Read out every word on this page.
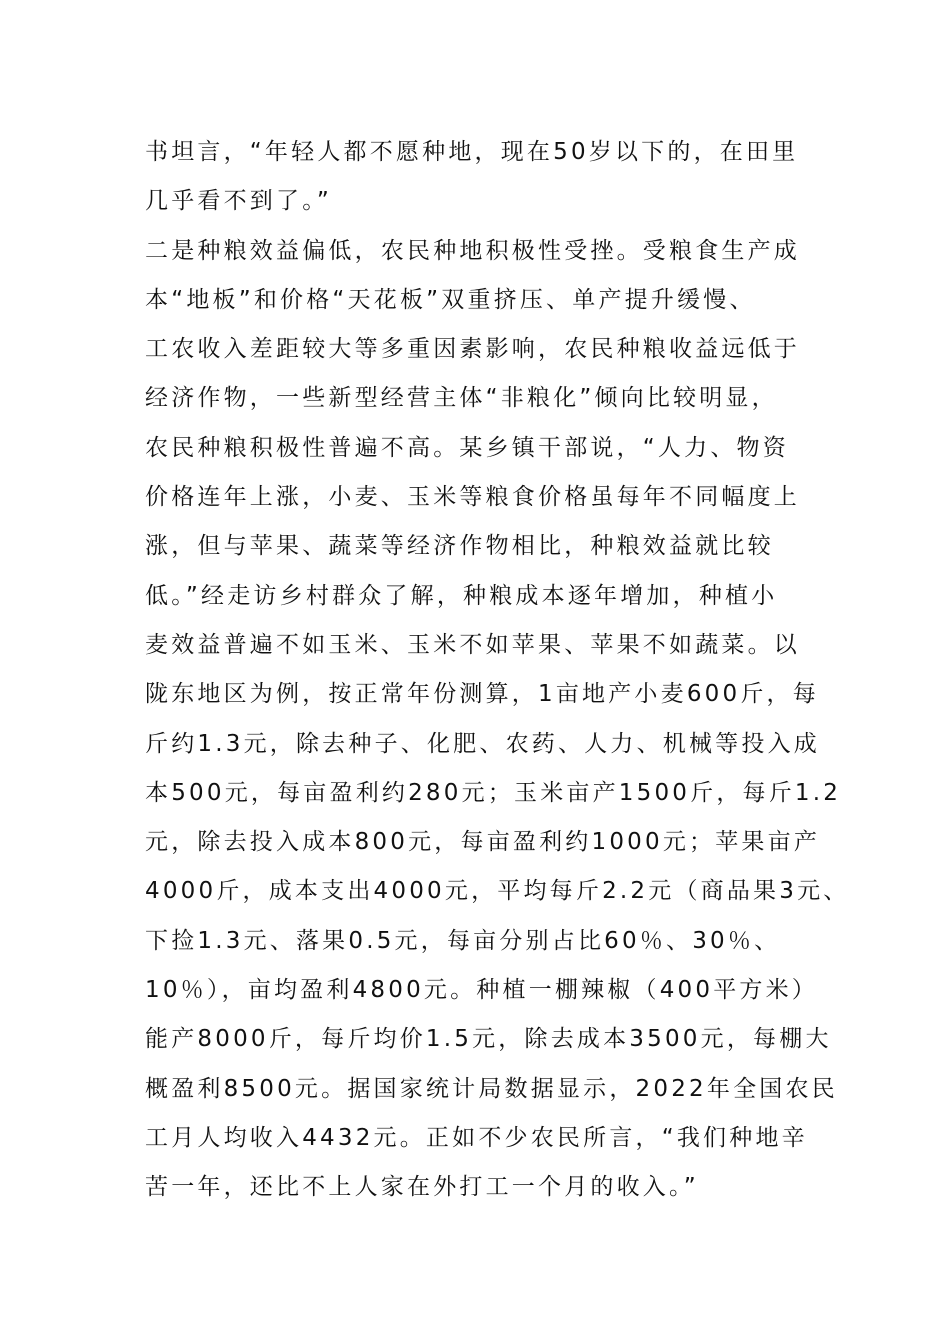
书坦言，“年轻人都不愿种地，现在50岁以下的，在田里
几乎看不到了。”
二是种粮效益偏低，农民种地积极性受挫。受粮食生产成
本“地板”和价格“天花板”双重挤压、单产提升缓慢、
工农收入差距较大等多重因素影响，农民种粮收益远低于
经济作物，一些新型经营主体“非粮化”倾向比较明显，
农民种粮积极性普遍不高。某乡镇干部说，“人力、物资
价格连年上涨，小麦、玉米等粮食价格虽每年不同幅度上
涨，但与苹果、蔬菜等经济作物相比，种粮效益就比较
低。”经走访乡村群众了解，种粮成本逐年增加，种植小
麦效益普遍不如玉米、玉米不如苹果、苹果不如蔬菜。以
陇东地区为例，按正常年份测算，1亩地产小麦600斤，每
斤约1.3元，除去种子、化肥、农药、人力、机械等投入成
本500元，每亩盈利约280元；玉米亩产1500斤，每斤1.2
元，除去投入成本800元，每亩盈利约1000元；苹果亩产
4000斤，成本支出4000元，平均每斤2.2元（商品果3元、
下捡1.3元、落果0.5元，每亩分别占比60％、30％、
10％），亩均盈利4800元。种植一棚辣椒（400平方米）
能产8000斤，每斤均价1.5元，除去成本3500元，每棚大
概盈利8500元。据国家统计局数据显示，2022年全国农民
工月人均收入4432元。正如不少农民所言，“我们种地辛
苦一年，还比不上人家在外打工一个月的收入。”
